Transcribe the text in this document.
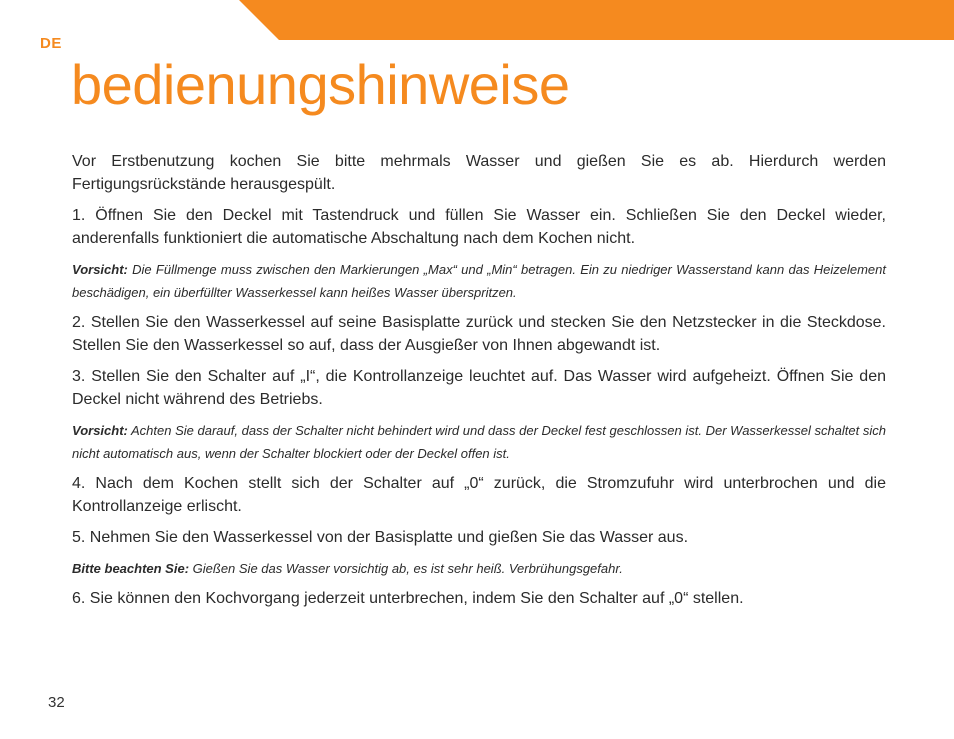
DE
bedienungshinweise

Vor Erstbenutzung kochen Sie bitte mehrmals Wasser und gießen Sie es ab. Hierdurch werden Fertigungsrückstände herausgespült.

1. Öffnen Sie den Deckel mit Tastendruck und füllen Sie Wasser ein. Schließen Sie den Deckel wieder, anderenfalls funktioniert die automatische Abschaltung nach dem Kochen nicht.

Vorsicht: Die Füllmenge muss zwischen den Markierungen „Max“ und „Min“ betragen. Ein zu niedriger Wasserstand kann das Heizelement beschädigen, ein überfüllter Wasserkessel kann heißes Wasser überspritzen.

2. Stellen Sie den Wasserkessel auf seine Basisplatte zurück und stecken Sie den Netzstecker in die Steckdose. Stellen Sie den Wasserkessel so auf, dass der Ausgießer von Ihnen abgewandt ist.

3. Stellen Sie den Schalter auf „I“, die Kontrollanzeige leuchtet auf. Das Wasser wird aufgeheizt. Öffnen Sie den Deckel nicht während des Betriebs.

Vorsicht: Achten Sie darauf, dass der Schalter nicht behindert wird und dass der Deckel fest geschlossen ist. Der Wasserkessel schaltet sich nicht automatisch aus, wenn der Schalter blockiert oder der Deckel offen ist.

4. Nach dem Kochen stellt sich der Schalter auf „0“ zurück, die Stromzufuhr wird unterbrochen und die Kontrollanzeige erlischt.

5. Nehmen Sie den Wasserkessel von der Basisplatte und gießen Sie das Wasser aus.

Bitte beachten Sie: Gießen Sie das Wasser vorsichtig ab, es ist sehr heiß. Verbrühungsgefahr.

6. Sie können den Kochvorgang jederzeit unterbrechen, indem Sie den Schalter auf „0“ stellen.

32
